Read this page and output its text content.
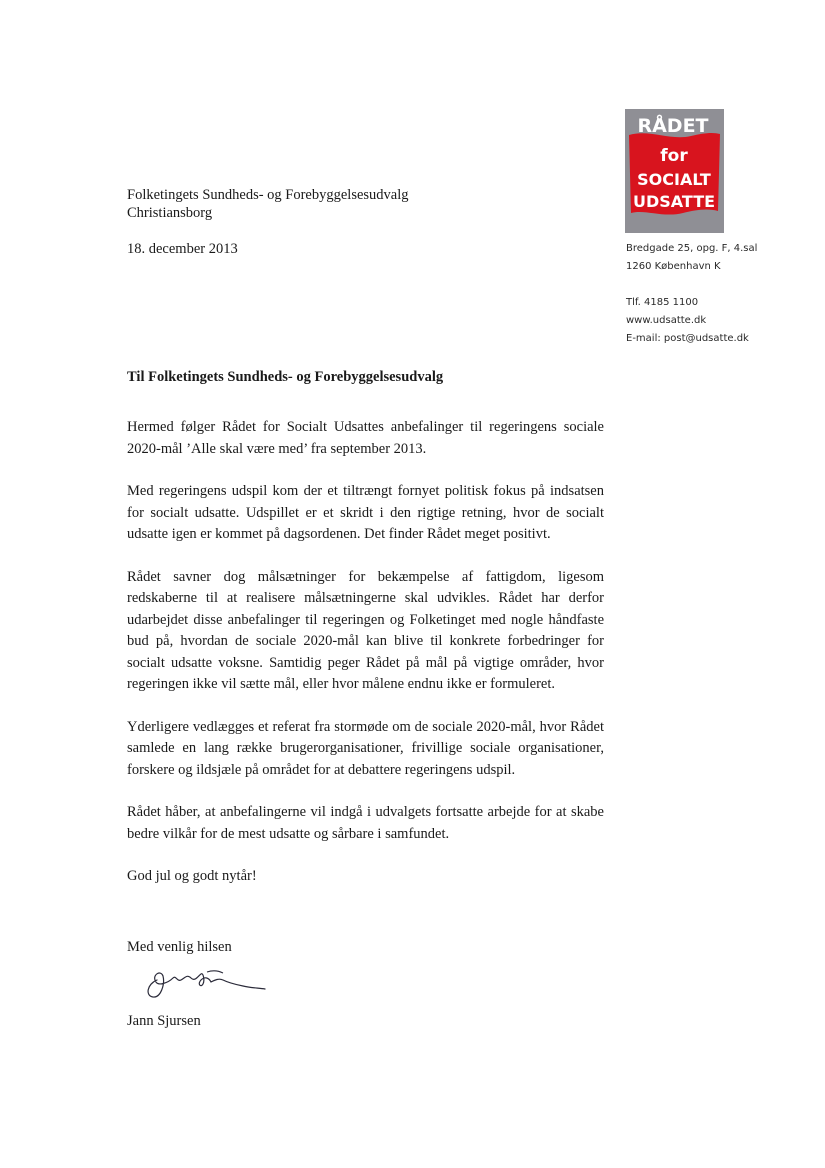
RÅDET
for
SOCIALT
UDSATTE
Bredgade 25, opg. F, 4.sal
1260 København K
Tlf. 4185 1100
www.udsatte.dk
E-mail: post@udsatte.dk
Folketingets Sundheds- og Forebyggelsesudvalg
Christiansborg
18. december 2013
Til Folketingets Sundheds- og Forebyggelsesudvalg

Hermed følger Rådet for Socialt Udsattes anbefalinger til regeringens sociale 2020-mål ’Alle skal være med’ fra september 2013.

Med regeringens udspil kom der et tiltrængt fornyet politisk fokus på indsatsen for socialt udsatte. Udspillet er et skridt i den rigtige retning, hvor de socialt udsatte igen er kommet på dagsordenen. Det finder Rådet meget positivt.

Rådet savner dog målsætninger for bekæmpelse af fattigdom, ligesom redskaberne til at realisere målsætningerne skal udvikles. Rådet har derfor udarbejdet disse anbefalinger til regeringen og Folketinget med nogle håndfaste bud på, hvordan de sociale 2020-mål kan blive til konkrete forbedringer for socialt udsatte voksne. Samtidig peger Rådet på mål på vigtige områder, hvor regeringen ikke vil sætte mål, eller hvor målene endnu ikke er formuleret.

Yderligere vedlægges et referat fra stormøde om de sociale 2020-mål, hvor Rådet samlede en lang række brugerorganisationer, frivillige sociale organisationer, forskere og ildsjæle på området for at debattere regeringens udspil.

Rådet håber, at anbefalingerne vil indgå i udvalgets fortsatte arbejde for at skabe bedre vilkår for de mest udsatte og sårbare i samfundet.

God jul og godt nytår!

Med venlig hilsen
Jann Sjursen
